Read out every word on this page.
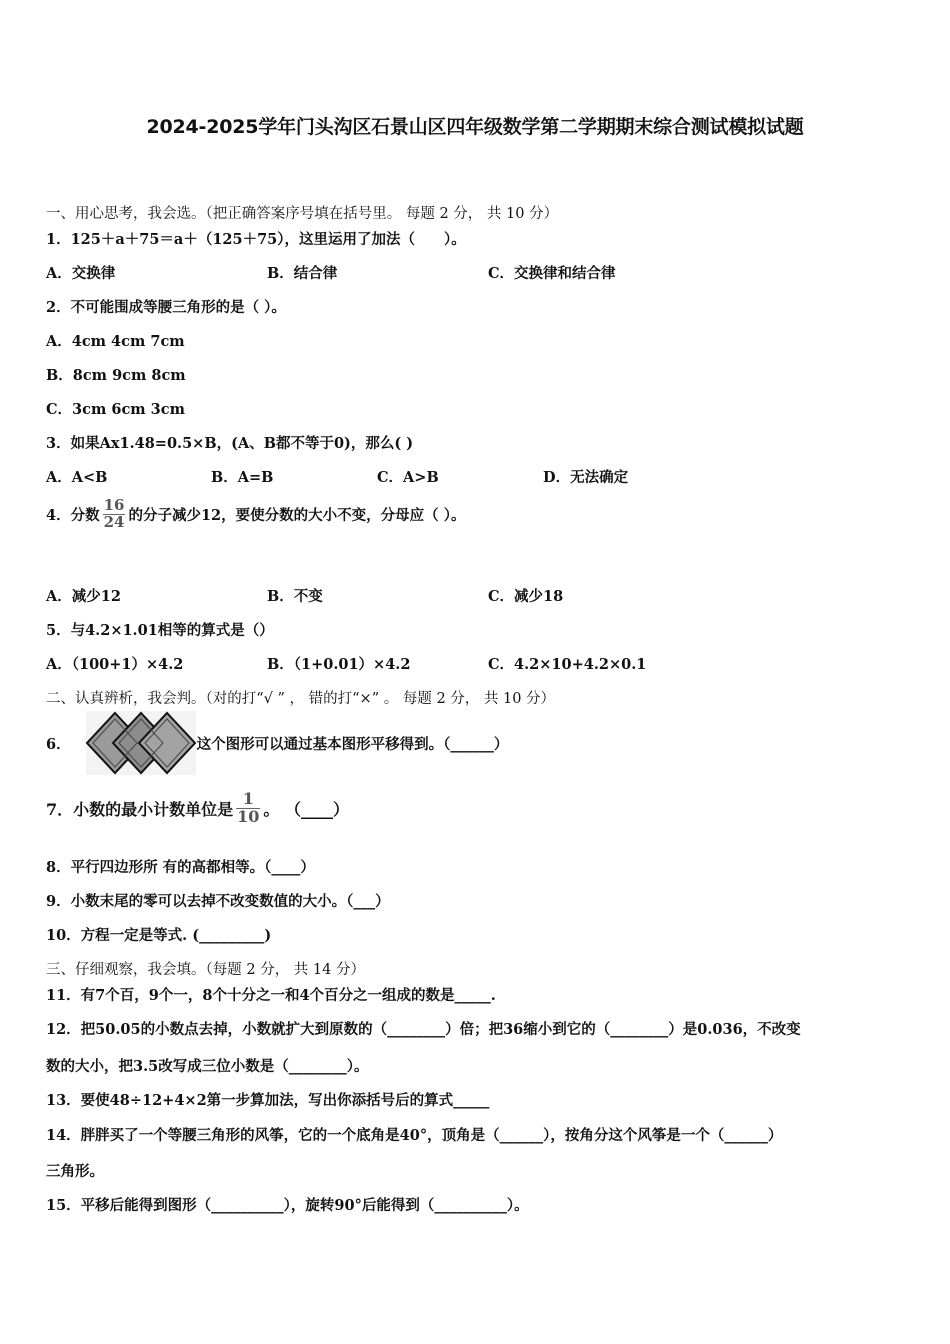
2024-2025学年门头沟区石景山区四年级数学第二学期期末综合测试模拟试题
一、用心思考，我会选。（把正确答案序号填在括号里。 每题 2 分， 共 10 分）
1．125＋a＋75＝a＋（125＋75），这里运用了加法（　　）。
A．交换律	B．结合律	C．交换律和结合律
2．不可能围成等腰三角形的是（ ）。
A．4cm 4cm 7cm
B．8cm 9cm 8cm
C．3cm 6cm 3cm
3．如果Ax1.48=0.5×B，(A、B都不等于0)，那么( )
A．A<B	B．A=B	C．A>B	D．无法确定
4．分数 $\frac{16}{24}$ 的分子减少12，要使分数的大小不变，分母应（ ）。
A．减少12	B．不变	C．减少18
5．与4.2×1.01相等的算式是（）
A．（100+1）×4.2	B．（1+0.01）×4.2	C．4.2×10+4.2×0.1
二、认真辨析，我会判。（对的打“√ ” ， 错的打“×” 。 每题 2 分， 共 10 分）
6．	这个图形可以通过基本图形平移得到。（______）
7．小数的最小计数单位是 $\frac{1}{10}$ 。 （____）
8．平行四边形所 有的高都相等。（____）
9．小数末尾的零可以去掉不改变数值的大小。（___）
10．方程一定是等式. (_________)
三、仔细观察，我会填。（每题 2 分， 共 14 分）
11．有7个百，9个一，8个十分之一和4个百分之一组成的数是_____.
12．把50.05的小数点去掉，小数就扩大到原数的（________）倍；把36缩小到它的（________）是0.036，不改变
数的大小，把3.5改写成三位小数是（________）。
13．要使48÷12+4×2第一步算加法，写出你添括号后的算式_____
14．胖胖买了一个等腰三角形的风筝，它的一个底角是40°，顶角是（______），按角分这个风筝是一个（______）
三角形。
15．平移后能得到图形（__________），旋转90°后能得到（__________）。
